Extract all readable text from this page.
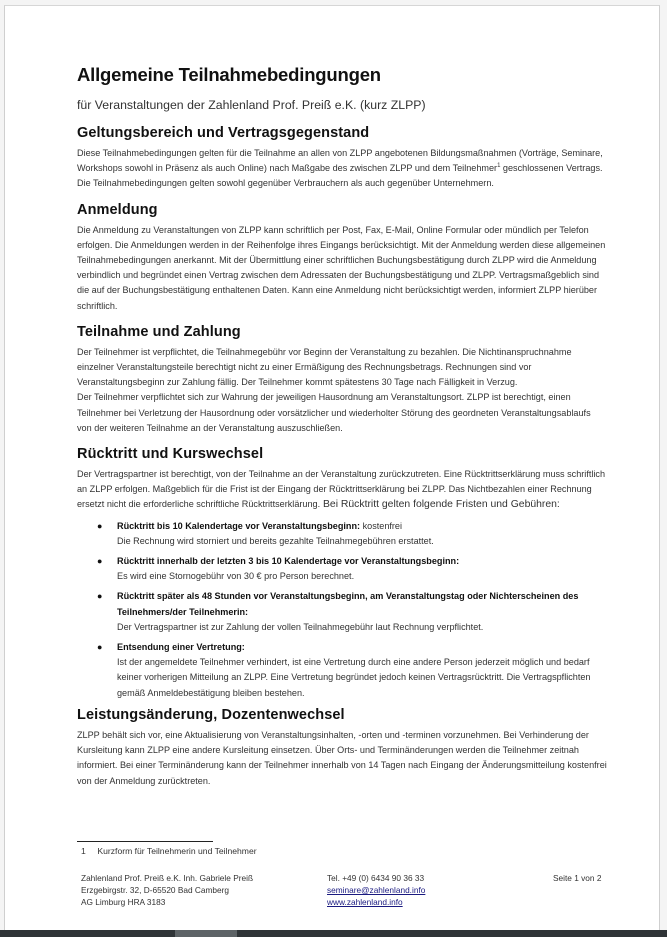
Allgemeine Teilnahmebedingungen
für Veranstaltungen der Zahlenland Prof. Preiß e.K. (kurz ZLPP)
Geltungsbereich und Vertragsgegenstand

Diese Teilnahmebedingungen gelten für die Teilnahme an allen von ZLPP angebotenen Bildungsmaßnahmen (Vorträge, Seminare, Workshops sowohl in Präsenz als auch Online) nach Maßgabe des zwischen ZLPP und dem Teilnehmer$^1$ geschlossenen Vertrags. Die Teilnahmebedingungen gelten sowohl gegenüber Verbrauchern als auch gegenüber Unternehmern.

Anmeldung

Die Anmeldung zu Veranstaltungen von ZLPP kann schriftlich per Post, Fax, E-Mail, Online Formular oder mündlich per Telefon erfolgen. Die Anmeldungen werden in der Reihenfolge ihres Eingangs berücksichtigt. Mit der Anmeldung werden diese allgemeinen Teilnahmebedingungen anerkannt. Mit der Übermittlung einer schriftlichen Buchungsbestätigung durch ZLPP wird die Anmeldung verbindlich und begründet einen Vertrag zwischen dem Adressaten der Buchungsbestätigung und ZLPP. Vertragsmaßgeblich sind die auf der Buchungsbestätigung enthaltenen Daten. Kann eine Anmeldung nicht berücksichtigt werden, informiert ZLPP hierüber schriftlich.

Teilnahme und Zahlung

Der Teilnehmer ist verpflichtet, die Teilnahmegebühr vor Beginn der Veranstaltung zu bezahlen. Die Nichtinanspruchnahme einzelner Veranstaltungsteile berechtigt nicht zu einer Ermäßigung des Rechnungsbetrags. Rechnungen sind vor Veranstaltungsbeginn zur Zahlung fällig. Der Teilnehmer kommt spätestens 30 Tage nach Fälligkeit in Verzug.

Der Teilnehmer verpflichtet sich zur Wahrung der jeweiligen Hausordnung am Veranstaltungsort. ZLPP ist berechtigt, einen Teilnehmer bei Verletzung der Hausordnung oder vorsätzlicher und wiederholter Störung des geordneten Veranstaltungsablaufs von der weiteren Teilnahme an der Veranstaltung auszuschließen.

Rücktritt und Kurswechsel

Der Vertragspartner ist berechtigt, von der Teilnahme an der Veranstaltung zurückzutreten. Eine Rücktrittserklärung muss schriftlich an ZLPP erfolgen. Maßgeblich für die Frist ist der Eingang der Rücktrittserklärung bei ZLPP. Das Nichtbezahlen einer Rechnung ersetzt nicht die erforderliche schriftliche Rücktrittserklärung. Bei Rücktritt gelten folgende Fristen und Gebühren:

● Rücktritt bis 10 Kalendertage vor Veranstaltungsbeginn: kostenfrei
Die Rechnung wird storniert und bereits gezahlte Teilnahmegebühren erstattet.
● Rücktritt innerhalb der letzten 3 bis 10 Kalendertage vor Veranstaltungsbeginn:
Es wird eine Stornogebühr von 30 € pro Person berechnet.
● Rücktritt später als 48 Stunden vor Veranstaltungsbeginn, am Veranstaltungstag oder Nichterscheinen des Teilnehmers/der Teilnehmerin:
Der Vertragspartner ist zur Zahlung der vollen Teilnahmegebühr laut Rechnung verpflichtet.
● Entsendung einer Vertretung:
Ist der angemeldete Teilnehmer verhindert, ist eine Vertretung durch eine andere Person jederzeit möglich und bedarf keiner vorherigen Mitteilung an ZLPP. Eine Vertretung begründet jedoch keinen Vertragsrücktritt. Die Vertragspflichten gemäß Anmeldebestätigung bleiben bestehen.
Leistungsänderung, Dozentenwechsel

ZLPP behält sich vor, eine Aktualisierung von Veranstaltungsinhalten, -orten und -terminen vorzunehmen. Bei Verhinderung der Kursleitung kann ZLPP eine andere Kursleitung einsetzen. Über Orts- und Terminänderungen werden die Teilnehmer zeitnah informiert. Bei einer Terminänderung kann der Teilnehmer innerhalb von 14 Tagen nach Eingang der Änderungsmitteilung kostenfrei von der Anmeldung zurücktreten.

1 Kurzform für Teilnehmerin und Teilnehmer
Zahlenland Prof. Preiß e.K. Inh. Gabriele Preiß
Erzgebirgstr. 32, D-65520 Bad Camberg
AG Limburg HRA 3183
Tel. +49 (0) 6434 90 36 33
seminare@zahlenland.info
www.zahlenland.info
Seite 1 von 2
